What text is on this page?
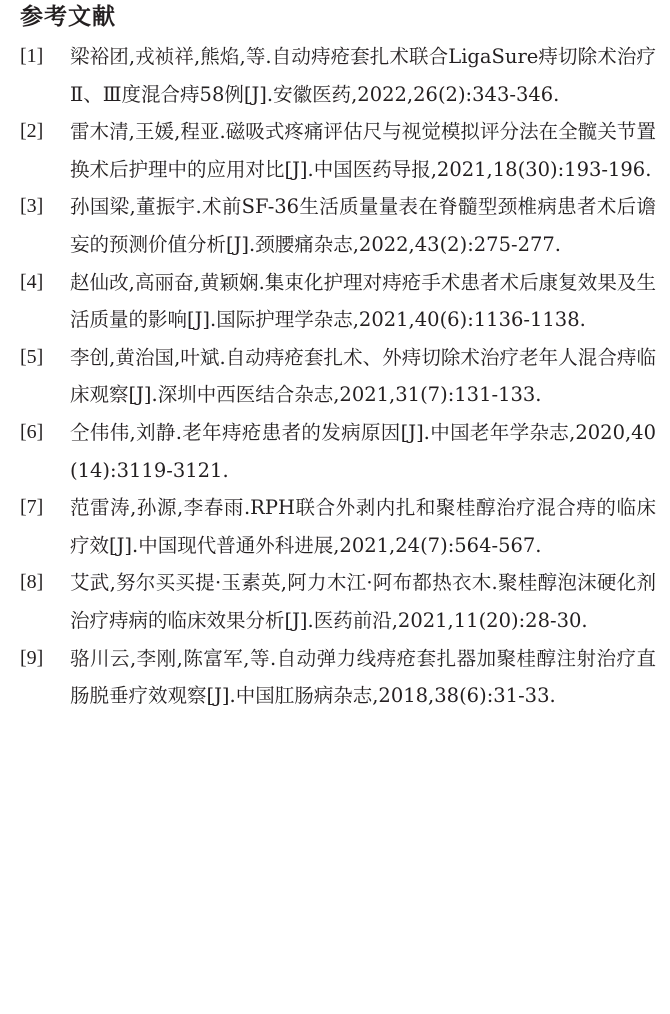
参考文献
[1]	梁裕团,戎祯祥,熊焰,等.自动痔疮套扎术联合LigaSure痔切除术治疗Ⅱ、Ⅲ度混合痔58例[J].安徽医药,2022,26(2):343-346.
[2]	雷木清,王媛,程亚.磁吸式疼痛评估尺与视觉模拟评分法在全髋关节置换术后护理中的应用对比[J].中国医药导报,2021,18(30):193-196.
[3]	孙国梁,董振宇.术前SF-36生活质量量表在脊髓型颈椎病患者术后谵妄的预测价值分析[J].颈腰痛杂志,2022,43(2):275-277.
[4]	赵仙改,高丽奋,黄颖娴.集束化护理对痔疮手术患者术后康复效果及生活质量的影响[J].国际护理学杂志,2021,40(6):1136-1138.
[5]	李创,黄治国,叶斌.自动痔疮套扎术、外痔切除术治疗老年人混合痔临床观察[J].深圳中西医结合杂志,2021,31(7):131-133.
[6]	仝伟伟,刘静.老年痔疮患者的发病原因[J].中国老年学杂志,2020,40(14):3119-3121.
[7]	范雷涛,孙源,李春雨.RPH联合外剥内扎和聚桂醇治疗混合痔的临床疗效[J].中国现代普通外科进展,2021,24(7):564-567.
[8]	艾武,努尔买买提·玉素英,阿力木江·阿布都热衣木.聚桂醇泡沫硬化剂治疗痔病的临床效果分析[J].医药前沿,2021,11(20):28-30.
[9]	骆川云,李刚,陈富军,等.自动弹力线痔疮套扎器加聚桂醇注射治疗直肠脱垂疗效观察[J].中国肛肠病杂志,2018,38(6):31-33.
